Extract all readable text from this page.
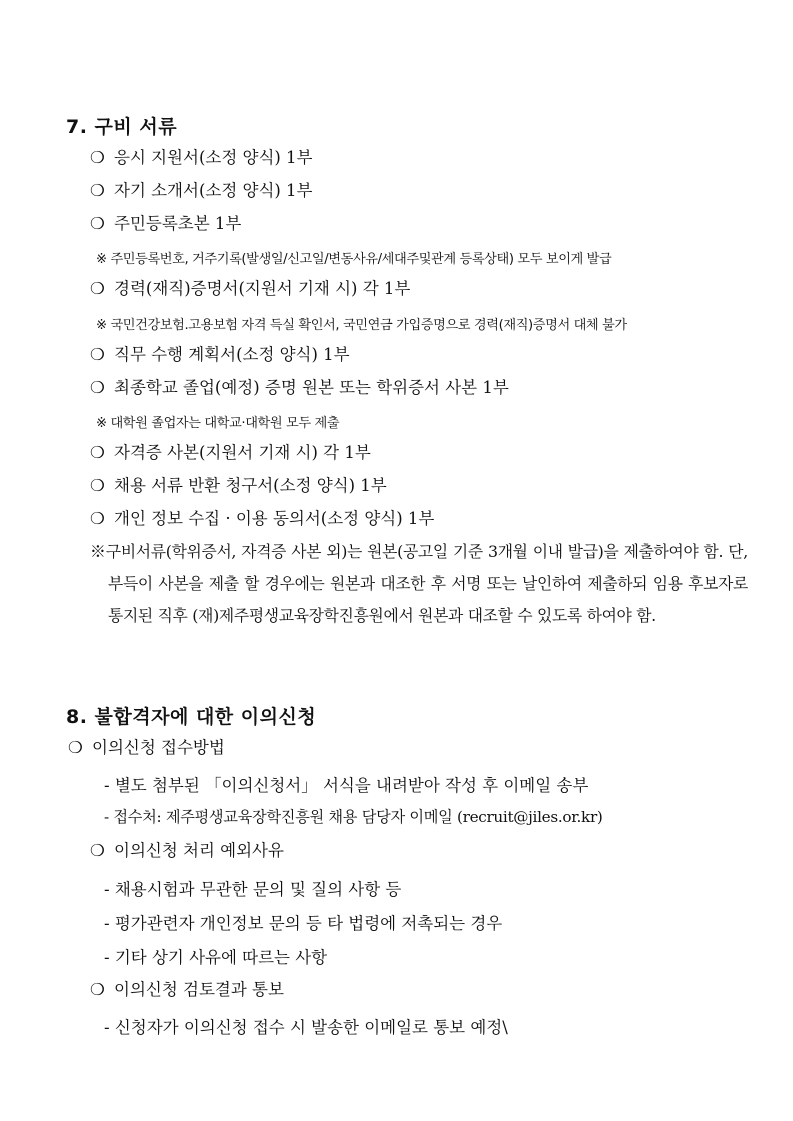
7. 구비 서류

❍ 응시 지원서(소정 양식) 1부

❍ 자기 소개서(소정 양식) 1부

❍ 주민등록초본 1부

※ 주민등록번호, 거주기록(발생일/신고일/변동사유/세대주및관계 등록상태) 모두 보이게 발급

❍ 경력(재직)증명서(지원서 기재 시) 각 1부

※ 국민건강보험.고용보험 자격 득실 확인서, 국민연금 가입증명으로 경력(재직)증명서 대체 불가

❍ 직무 수행 계획서(소정 양식) 1부

❍ 최종학교 졸업(예정) 증명 원본 또는 학위증서 사본 1부

※ 대학원 졸업자는 대학교·대학원 모두 제출

❍ 자격증 사본(지원서 기재 시) 각 1부

❍ 채용 서류 반환 청구서(소정 양식) 1부

❍ 개인 정보 수집 · 이용 동의서(소정 양식) 1부

※구비서류(학위증서, 자격증 사본 외)는 원본(공고일 기준 3개월 이내 발급)을 제출하여야 함. 단, 부득이 사본을 제출 할 경우에는 원본과 대조한 후 서명 또는 날인하여 제출하되 임용 후보자로 통지된 직후 (재)제주평생교육장학진흥원에서 원본과 대조할 수 있도록 하여야 함.

8. 불합격자에 대한 이의신청

❍ 이의신청 접수방법

- 별도 첨부된 「이의신청서」 서식을 내려받아 작성 후 이메일 송부

- 접수처: 제주평생교육장학진흥원 채용 담당자 이메일 (recruit@jiles.or.kr)

❍ 이의신청 처리 예외사유

- 채용시험과 무관한 문의 및 질의 사항 등

- 평가관련자 개인정보 문의 등 타 법령에 저촉되는 경우

- 기타 상기 사유에 따르는 사항

❍ 이의신청 검토결과 통보

- 신청자가 이의신청 접수 시 발송한 이메일로 통보 예정\
